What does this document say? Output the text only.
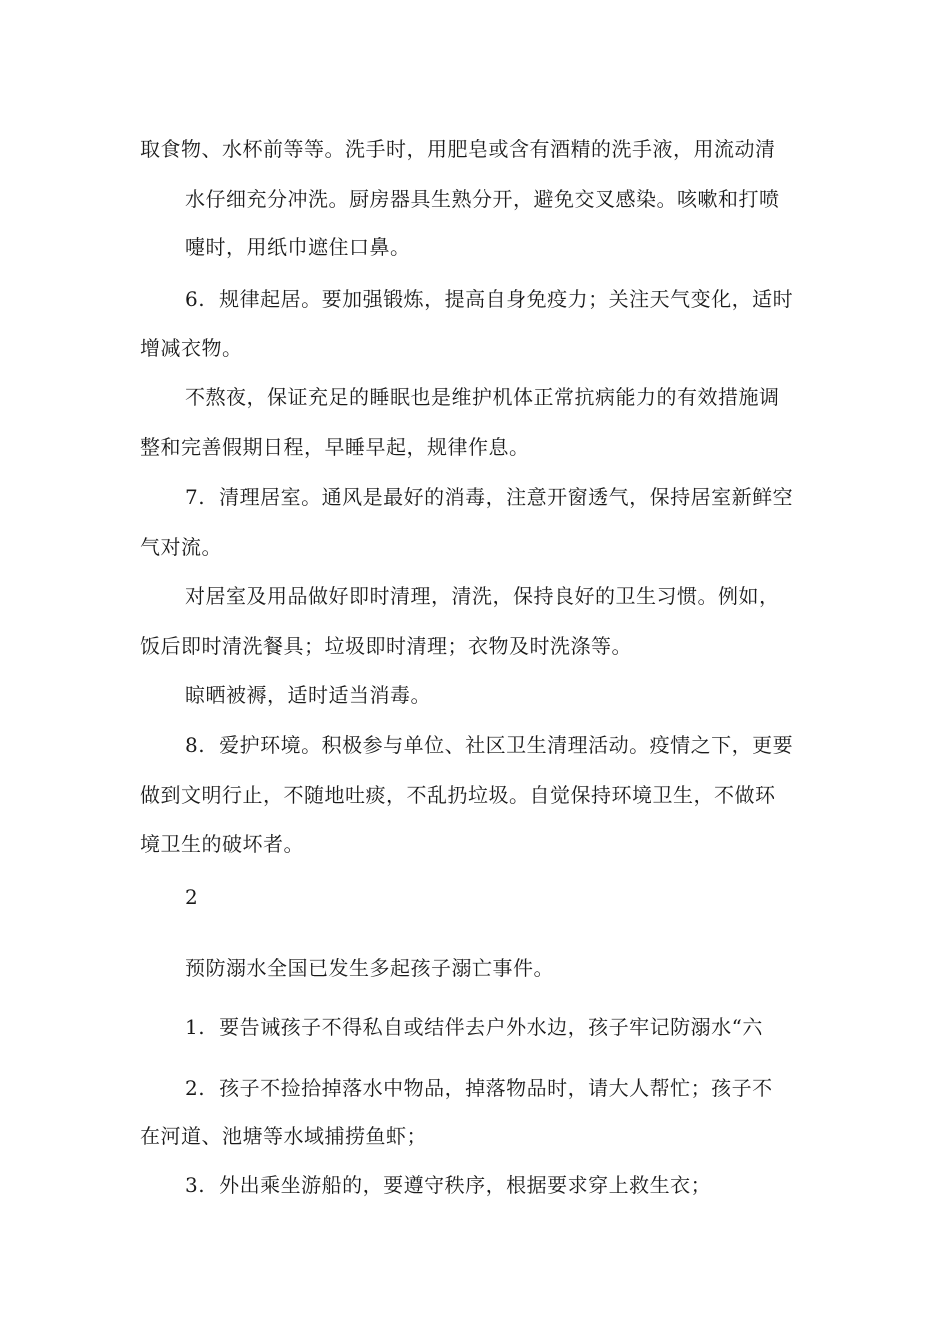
取食物、水杯前等等。洗手时，用肥皂或含有酒精的洗手液，用流动清
水仔细充分冲洗。厨房器具生熟分开，避免交叉感染。咳嗽和打喷
嚏时，用纸巾遮住口鼻。
6. 规律起居。要加强锻炼，提高自身免疫力；关注天气变化，适时
增减衣物。
不熬夜，保证充足的睡眠也是维护机体正常抗病能力的有效措施调
整和完善假期日程，早睡早起，规律作息。
7. 清理居室。通风是最好的消毒，注意开窗透气，保持居室新鲜空
气对流。
对居室及用品做好即时清理，清洗，保持良好的卫生习惯。例如，
饭后即时清洗餐具；垃圾即时清理；衣物及时洗涤等。
晾晒被褥，适时适当消毒。
8. 爱护环境。积极参与单位、社区卫生清理活动。疫情之下，更要
做到文明行止，不随地吐痰，不乱扔垃圾。自觉保持环境卫生，不做环
境卫生的破坏者。
2
预防溺水全国已发生多起孩子溺亡事件。
1. 要告诫孩子不得私自或结伴去户外水边，孩子牢记防溺水“六
2. 孩子不捡拾掉落水中物品，掉落物品时，请大人帮忙；孩子不
在河道、池塘等水域捕捞鱼虾；
3. 外出乘坐游船的，要遵守秩序，根据要求穿上救生衣；
